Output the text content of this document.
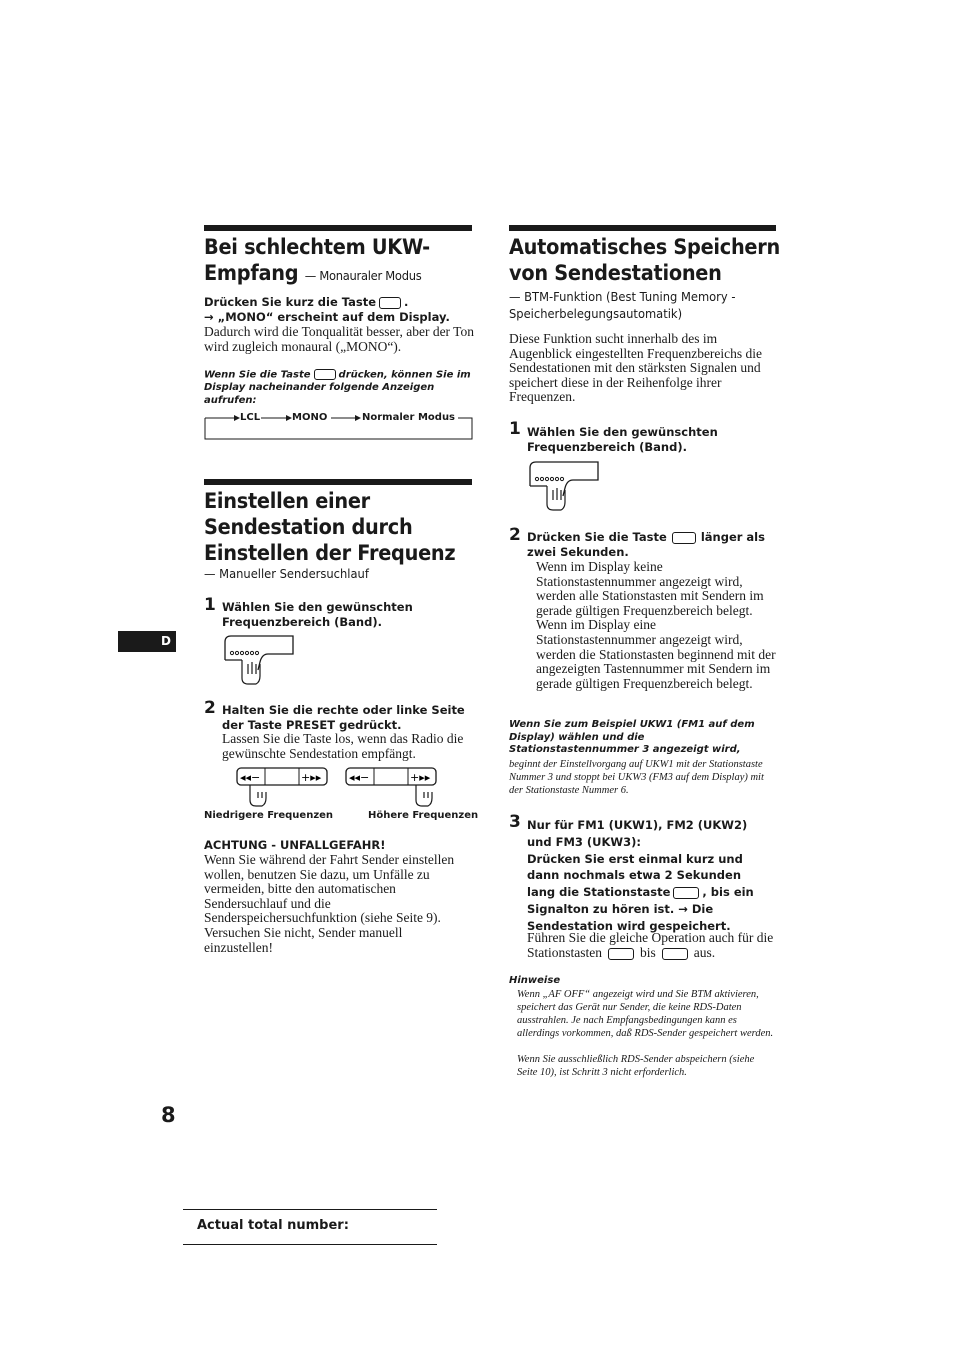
Bei schlechtem UKW-
Empfang — Monauraler Modus
Drücken Sie kurz die Taste .
→ „MONO“ erscheint auf dem Display.
Dadurch wird die Tonqualität besser, aber der Ton wird zugleich monaural („MONO“).
Wenn Sie die Taste	drücken, können Sie im Display nacheinander folgende Anzeigen aufrufen:
LCL	MONO	Normaler Modus
Einstellen einer
Sendestation durch
Einstellen der Frequenz
— Manueller Sendersuchlauf
1 Wählen Sie den gewünschten Frequenzbereich (Band).
2 Halten Sie die rechte oder linke Seite der Taste PRESET gedrückt.
Lassen Sie die Taste los, wenn das Radio die gewünschte Sendestation empfängt.
◂◂−	+▸▸	◂◂−	+▸▸
Niedrigere Frequenzen	Höhere Frequenzen
ACHTUNG - UNFALLGEFAHR!
Wenn Sie während der Fahrt Sender einstellen wollen, benutzen Sie dazu, um Unfälle zu vermeiden, bitte den automatischen Sendersuchlauf und die Senderspeichersuchfunktion (siehe Seite 9). Versuchen Sie nicht, Sender manuell einzustellen!
D
Automatisches Speichern
von Sendestationen
— BTM-Funktion (Best Tuning Memory - Speicherbelegungsautomatik)
Diese Funktion sucht innerhalb des im Augenblick eingestellten Frequenzbereichs die Sendestationen mit den stärksten Signalen und speichert diese in der Reihenfolge ihrer Frequenzen.
1 Wählen Sie den gewünschten Frequenzbereich (Band).
2 Drücken Sie die Taste	länger als zwei Sekunden.
Wenn im Display keine Stationstastennummer angezeigt wird, werden alle Stationstasten mit Sendern im gerade gültigen Frequenzbereich belegt. Wenn im Display eine Stationstastennummer angezeigt wird, werden die Stationstasten beginnend mit der angezeigten Tastennummer mit Sendern im gerade gültigen Frequenzbereich belegt.
Wenn Sie zum Beispiel UKW1 (FM1 auf dem Display) wählen und die Stationstastennummer 3 angezeigt wird,
beginnt der Einstellvorgang auf UKW1 mit der Stationstaste Nummer 3 und stoppt bei UKW3 (FM3 auf dem Display) mit der Stationstaste Nummer 6.
3 Nur für FM1 (UKW1), FM2 (UKW2) und FM3 (UKW3):
Drücken Sie erst einmal kurz und dann nochmals etwa 2 Sekunden lang die Stationstaste	, bis ein Signalton zu hören ist. → Die Sendestation wird gespeichert.
Führen Sie die gleiche Operation auch für die Stationstasten	bis	aus.
Hinweise
Wenn „AF OFF“ angezeigt wird und Sie BTM aktivieren, speichert das Gerät nur Sender, die keine RDS-Daten ausstrahlen. Je nach Empfangsbedingungen kann es allerdings vorkommen, daß RDS-Sender gespeichert werden.
Wenn Sie ausschließlich RDS-Sender abspeichern (siehe Seite 10), ist Schritt 3 nicht erforderlich.
8
Actual total number:
